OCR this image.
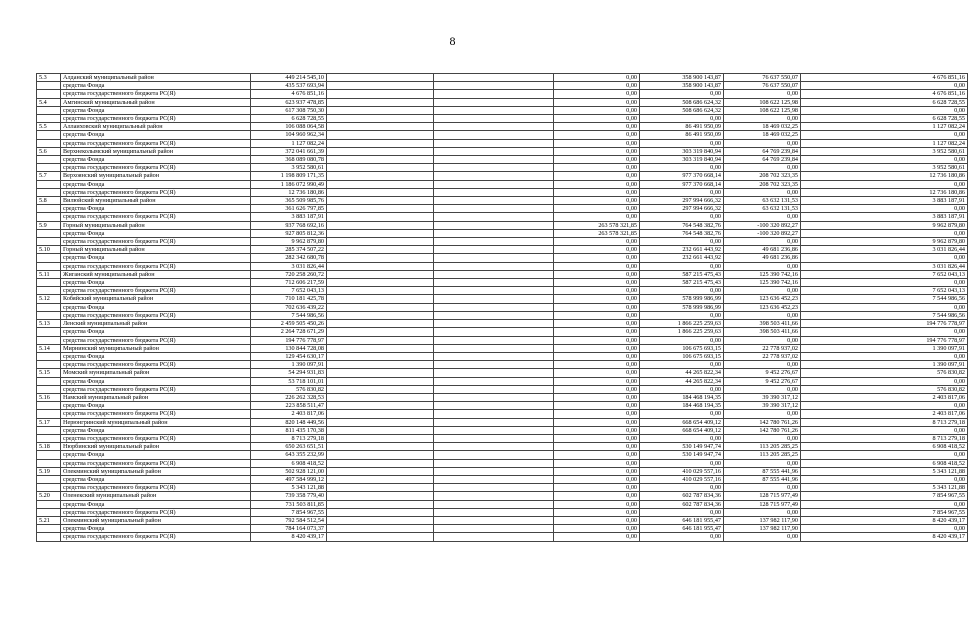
8
5.3	Алданский муниципальный район	449 214 545,10			0,00	358 900 143,87	76 637 550,07	4 676 851,16
	средства Фонда	435 537 693,94			0,00	358 900 143,87	76 637 550,07	0,00
	средства государственного бюджета РС(Я)	4 676 851,16			0,00	0,00	0,00	4 676 851,16
5.4	Амгинский муниципальный район	623 937 478,85			0,00	508 686 624,32	108 622 125,98	6 628 728,55
	средства Фонда	617 308 750,30			0,00	508 686 624,32	108 622 125,98	0,00
	средства государственного бюджета РС(Я)	6 628 728,55			0,00	0,00	0,00	6 628 728,55
5.5	Аллаиховский муниципальный район	106 088 064,58			0,00	86 491 950,09	18 469 032,25	1 127 082,24
	средства Фонда	104 960 962,34			0,00	86 491 950,09	18 469 032,25	0,00
	средства государственного бюджета РС(Я)	1 127 082,24			0,00	0,00	0,00	1 127 082,24
5.6	Верхнеколымский муниципальный район	372 041 661,39			0,00	303 319 840,94	64 769 239,84	3 952 580,61
	средства Фонда	368 089 080,78			0,00	303 319 840,94	64 769 239,84	0,00
	средства государственного бюджета РС(Я)	3 952 580,61			0,00	0,00	0,00	3 952 580,61
5.7	Верхоянский муниципальный район	1 198 809 171,35			0,00	977 370 668,14	208 702 323,35	12 736 180,86
	средства Фонда	1 186 072 990,49			0,00	977 370 668,14	208 702 323,35	0,00
	средства государственного бюджета РС(Я)	12 736 180,86			0,00	0,00	0,00	12 736 180,86
5.8	Вилюйский муниципальный район	365 509 985,76			0,00	297 994 666,32	63 632 131,53	3 883 187,91
	средства Фонда	361 626 797,85			0,00	297 994 666,32	63 632 131,53	0,00
	средства государственного бюджета РС(Я)	3 883 187,91			0,00	0,00	0,00	3 883 187,91
5.9	Горный муниципальный район	937 768 692,16			263 578 321,85	764 548 382,76	-100 320 892,27	9 962 879,80
	средства Фонда	927 805 812,36			263 578 321,85	764 548 382,76	-100 320 892,27	0,00
	средства государственного бюджета РС(Я)	9 962 879,80			0,00	0,00	0,00	9 962 879,80
5.10	Горный муниципальный район	285 374 507,22			0,00	232 661 443,92	49 681 236,86	3 031 826,44
	средства Фонда	282 342 680,78			0,00	232 661 443,92	49 681 236,86	0,00
	средства государственного бюджета РС(Я)	3 031 826,44			0,00	0,00	0,00	3 031 826,44
5.11	Жиганский муниципальный район	720 258 260,72			0,00	587 215 475,43	125 390 742,16	7 652 043,13
	средства Фонда	712 606 217,59			0,00	587 215 475,43	125 390 742,16	0,00
	средства государственного бюджета РС(Я)	7 652 043,13			0,00	0,00	0,00	7 652 043,13
5.12	Кобяйский муниципальный район	710 181 425,78			0,00	578 999 986,99	123 636 452,23	7 544 986,56
	средства Фонда	702 636 439,22			0,00	578 999 986,99	123 636 452,23	0,00
	средства государственного бюджета РС(Я)	7 544 986,56			0,00	0,00	0,00	7 544 986,56
5.13	Ленский муниципальный район	2 459 505 450,26			0,00	1 866 225 259,63	398 503 411,66	194 776 778,97
	средства Фонда	2 264 728 671,29			0,00	1 866 225 259,63	398 503 411,66	0,00
	средства государственного бюджета РС(Я)	194 776 778,97			0,00	0,00	0,00	194 776 778,97
5.14	Мирнинский муниципальный район	130 844 728,08			0,00	106 675 693,15	22 778 937,02	1 390 097,91
	средства Фонда	129 454 630,17			0,00	106 675 693,15	22 778 937,02	0,00
	средства государственного бюджета РС(Я)	1 390 097,91			0,00	0,00	0,00	1 390 097,91
5.15	Момский муниципальный район	54 294 931,83			0,00	44 265 822,34	9 452 276,67	576 830,82
	средства Фонда	53 718 101,01			0,00	44 265 822,34	9 452 276,67	0,00
	средства государственного бюджета РС(Я)	576 830,82			0,00	0,00	0,00	576 830,82
5.16	Намский муниципальный район	226 262 328,53			0,00	184 468 194,35	39 390 317,12	2 403 817,06
	средства Фонда	223 858 511,47			0,00	184 468 194,35	39 390 317,12	0,00
	средства государственного бюджета РС(Я)	2 403 817,06			0,00	0,00	0,00	2 403 817,06
5.17	Нерюнгринский муниципальный район	820 148 449,56			0,00	668 654 409,12	142 780 761,26	8 713 279,18
	средства Фонда	811 435 170,38			0,00	668 654 409,12	142 780 761,26	0,00
	средства государственного бюджета РС(Я)	8 713 279,18			0,00	0,00	0,00	8 713 279,18
5.18	Нюрбинский муниципальный район	650 263 651,51			0,00	530 149 947,74	113 205 285,25	6 908 418,52
	средства Фонда	643 355 232,99			0,00	530 149 947,74	113 205 285,25	0,00
	средства государственного бюджета РС(Я)	6 908 418,52			0,00	0,00	0,00	6 908 418,52
5.19	Олекминский муниципальный район	502 928 121,00			0,00	410 029 557,16	87 555 441,96	5 343 121,88
	средства Фонда	497 584 999,12			0,00	410 029 557,16	87 555 441,96	0,00
	средства государственного бюджета РС(Я)	5 343 121,88			0,00	0,00	0,00	5 343 121,88
5.20	Оленекский муниципальный район	739 358 779,40			0,00	602 787 834,36	128 715 977,49	7 854 967,55
	средства Фонда	731 503 811,85			0,00	602 787 834,36	128 715 977,49	0,00
	средства государственного бюджета РС(Я)	7 854 967,55			0,00	0,00	0,00	7 854 967,55
5.21	Олекминский муниципальный район	792 584 512,54			0,00	646 181 955,47	137 982 117,90	8 420 439,17
	средства Фонда	784 164 073,37			0,00	646 181 955,47	137 982 117,90	0,00
	средства государственного бюджета РС(Я)	8 420 439,17			0,00	0,00	0,00	8 420 439,17
